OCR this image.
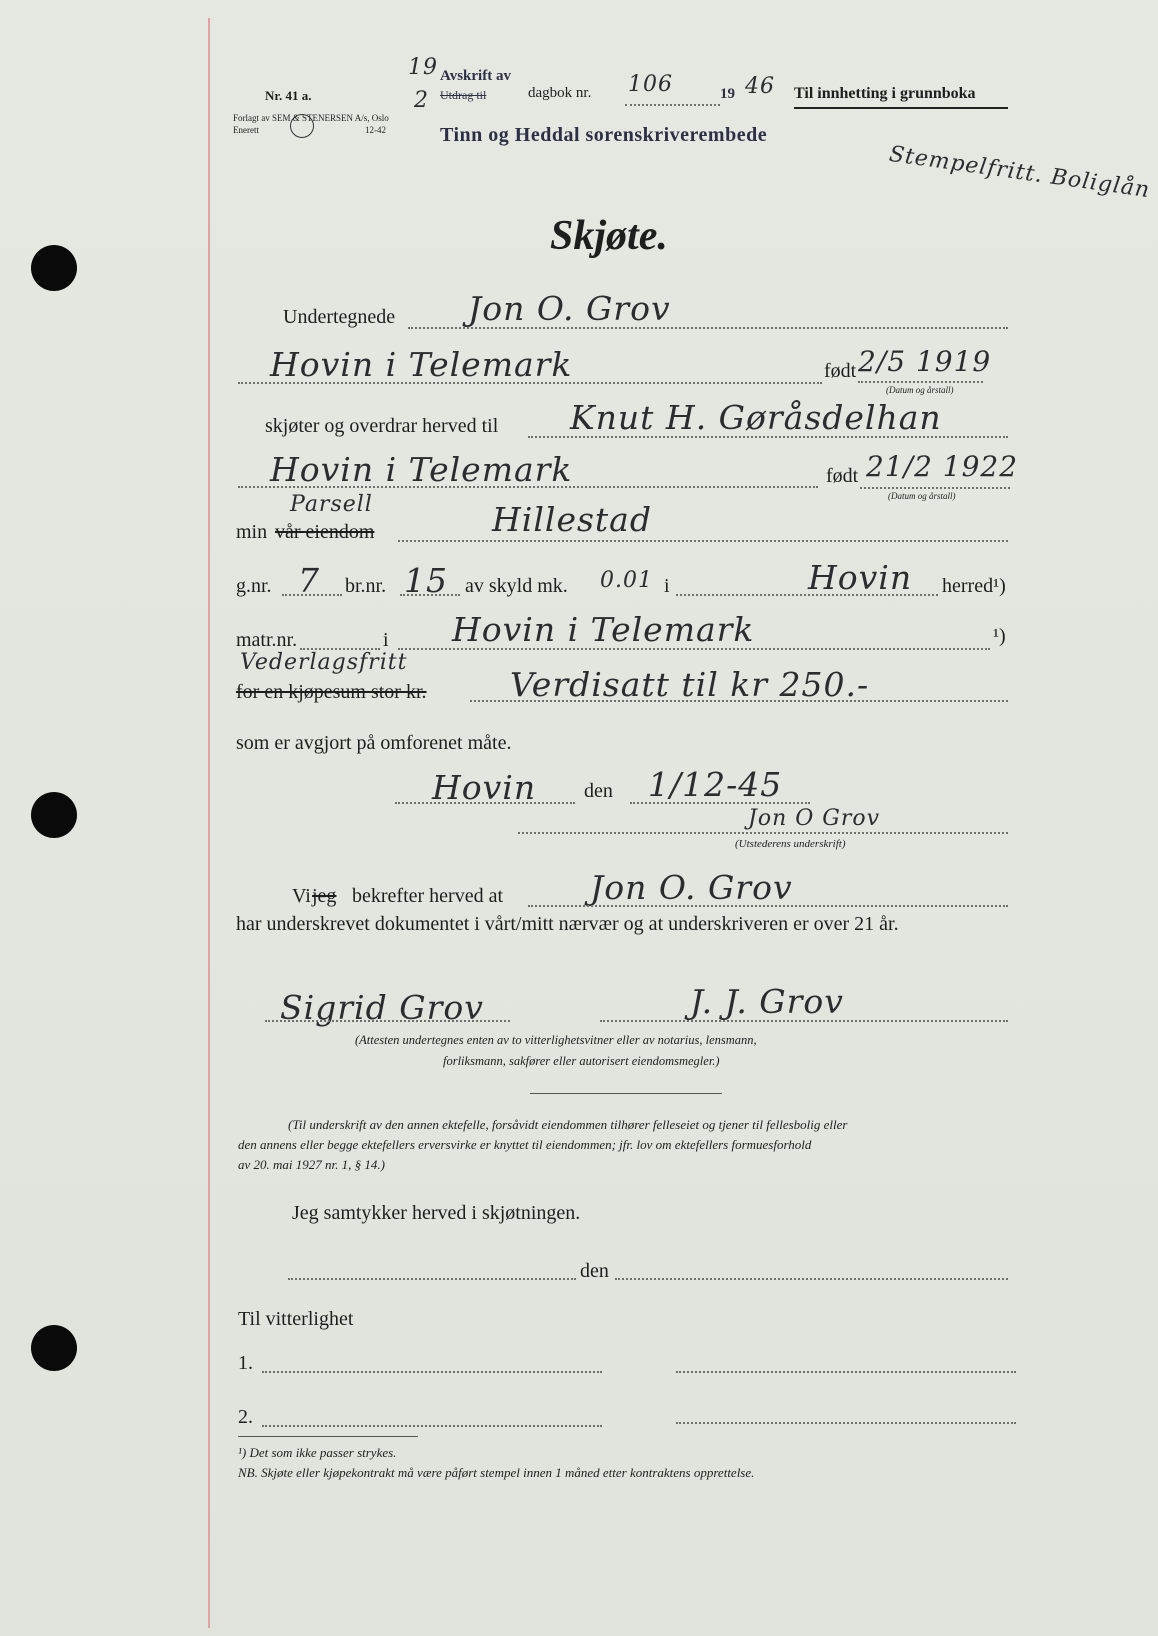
Nr. 41 a.
Forlagt av SEM & STENERSEN A/s, Oslo
Enerett	12-42
19
2
Avskrift av
Utdrag til	dagbok nr. 106	19 46 Til innhetting i grunnboka
Tinn og Heddal sorenskriverembede
Stempelfritt. Boliglån
Skjøte.
Undertegnede Jon O. Grov
Hovin i Telemark	født 2/5 1919
(Datum og årstall)
skjøter og overdrar herved til Knut H. Gøråsdelhan
Hovin i Telemark	født 21/2 1922
(Datum og årstall)
Parsell
min vår eiendom	Hillestad
g.nr. 7 br.nr. 15 av skyld mk. 0.01 i	Hovin herred¹)
matr.nr.	i Hovin i Telemark	¹)
Vederlagsfritt
for en kjøpesum stor kr.	Verdisatt til kr 250.-
som er avgjort på omforenet måte.
Hovin den 1/12-45
Jon O Grov
(Utstederens underskrift)
Vi jeg bekrefter herved at	Jon O. Grov
har underskrevet dokumentet i vårt/mitt nærvær og at underskriveren er over 21 år.
Sigrid Grov	J. J. Grov
(Attesten undertegnes enten av to vitterlighetsvitner eller av notarius, lensmann,
forliksmann, sakfører eller autorisert eiendomsmegler.)
(Til underskrift av den annen ektefelle, forsåvidt eiendommen tilhører felleseiet og tjener til fellesbolig eller
den annens eller begge ektefellers erversvirke er knyttet til eiendommen; jfr. lov om ektefellers formuesforhold
av 20. mai 1927 nr. 1, § 14.)
Jeg samtykker herved i skjøtningen.
den
Til vitterlighet
1.
2.
¹) Det som ikke passer strykes.
NB. Skjøte eller kjøpekontrakt må være påført stempel innen 1 måned etter kontraktens opprettelse.
